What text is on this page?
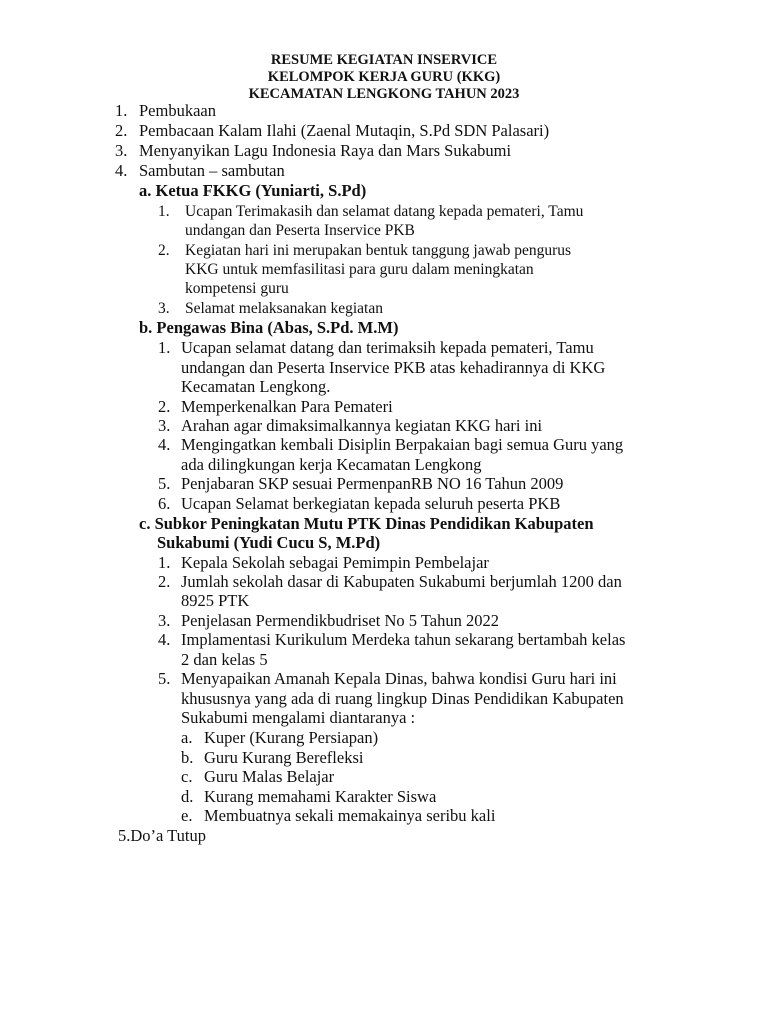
RESUME KEGIATAN INSERVICE
KELOMPOK KERJA GURU (KKG)
KECAMATAN LENGKONG TAHUN 2023
1. Pembukaan
2. Pembacaan Kalam Ilahi (Zaenal Mutaqin, S.Pd SDN Palasari)
3. Menyanyikan Lagu Indonesia Raya dan Mars Sukabumi
4. Sambutan – sambutan
a. Ketua FKKG (Yuniarti, S.Pd)
1. Ucapan Terimakasih dan selamat datang kepada pemateri, Tamu
undangan dan Peserta Inservice PKB
2. Kegiatan hari ini merupakan bentuk tanggung jawab pengurus
KKG untuk memfasilitasi para guru dalam meningkatan
kompetensi guru
3. Selamat melaksanakan kegiatan
b. Pengawas Bina (Abas, S.Pd. M.M)
1. Ucapan selamat datang dan terimaksih kepada pemateri, Tamu
undangan dan Peserta Inservice PKB atas kehadirannya di KKG
Kecamatan Lengkong.
2. Memperkenalkan Para Pemateri
3. Arahan agar dimaksimalkannya kegiatan KKG hari ini
4. Mengingatkan kembali Disiplin Berpakaian bagi semua Guru yang
ada dilingkungan kerja Kecamatan Lengkong
5. Penjabaran SKP sesuai PermenpanRB NO 16 Tahun 2009
6. Ucapan Selamat berkegiatan kepada seluruh peserta PKB
c. Subkor Peningkatan Mutu PTK Dinas Pendidikan Kabupaten
Sukabumi (Yudi Cucu S, M.Pd)
1. Kepala Sekolah sebagai Pemimpin Pembelajar
2. Jumlah sekolah dasar di Kabupaten Sukabumi berjumlah 1200 dan
8925 PTK
3. Penjelasan Permendikbudriset No 5 Tahun 2022
4. Implamentasi Kurikulum Merdeka tahun sekarang bertambah kelas
2 dan kelas 5
5. Menyapaikan Amanah Kepala Dinas, bahwa kondisi Guru hari ini
khususnya yang ada di ruang lingkup Dinas Pendidikan Kabupaten
Sukabumi mengalami diantaranya :
a. Kuper (Kurang Persiapan)
b. Guru Kurang Berefleksi
c. Guru Malas Belajar
d. Kurang memahami Karakter Siswa
e. Membuatnya sekali memakainya seribu kali
5.Do’a Tutup
